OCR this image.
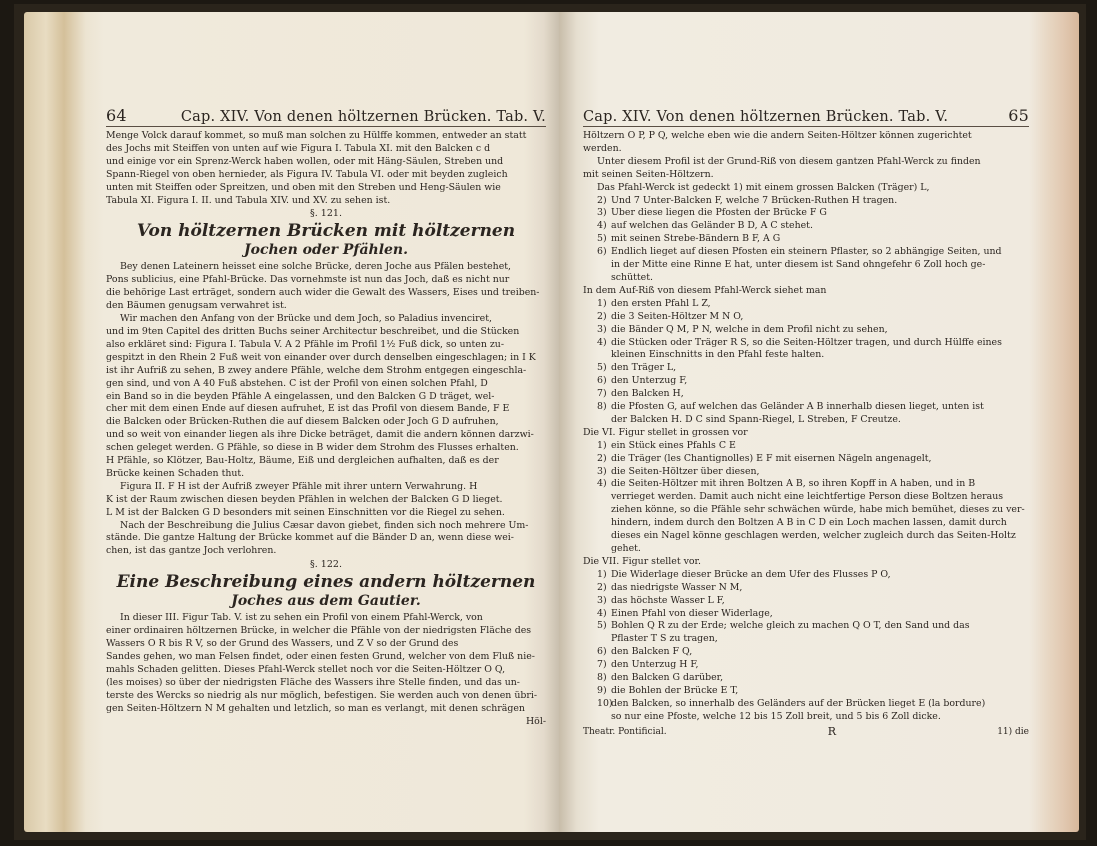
64	Cap. XIV. Von denen höltzernen Brücken. Tab. V.

Menge Volck darauf kommet, so muß man solchen zu Hülffe kommen, entweder an statt

des Jochs mit Steiffen von unten auf wie Figura I. Tabula XI. mit den Balcken c d

und einige vor ein Sprenz-Werck haben wollen, oder mit Häng-Säulen, Streben und

Spann-Riegel von oben hernieder, als Figura IV. Tabula VI. oder mit beyden zugleich

unten mit Steiffen oder Spreitzen, und oben mit den Streben und Heng-Säulen wie

Tabula XI. Figura I. II. und Tabula XIV. und XV. zu sehen ist.

§. 121.

Von höltzernen Brücken mit höltzernen

Jochen oder Pfählen.

Bey denen Lateinern heisset eine solche Brücke, deren Joche aus Pfälen bestehet,

Pons sublicius, eine Pfahl-Brücke. Das vornehmste ist nun das Joch, daß es nicht nur

die behörige Last erträget, sondern auch wider die Gewalt des Wassers, Eises und treiben-

den Bäumen genugsam verwahret ist.

Wir machen den Anfang von der Brücke und dem Joch, so Paladius invenciret,

und im 9ten Capitel des dritten Buchs seiner Architectur beschreibet, und die Stücken

also erkläret sind: Figura I. Tabula V. A 2 Pfähle im Profil 1½ Fuß dick, so unten zu-

gespitzt in den Rhein 2 Fuß weit von einander over durch denselben eingeschlagen; in I K

ist ihr Aufriß zu sehen, B zwey andere Pfähle, welche dem Strohm entgegen eingeschla-

gen sind, und von A 40 Fuß abstehen. C ist der Profil von einen solchen Pfahl, D

ein Band so in die beyden Pfähle A eingelassen, und den Balcken G D träget, wel-

cher mit dem einen Ende auf diesen aufruhet, E ist das Profil von diesem Bande, F E

die Balcken oder Brücken-Ruthen die auf diesem Balcken oder Joch G D aufruhen,

und so weit von einander liegen als ihre Dicke beträget, damit die andern können darzwi-

schen geleget werden. G Pfähle, so diese in B wider dem Strohm des Flusses erhalten.

H Pfähle, so Klötzer, Bau-Holtz, Bäume, Eiß und dergleichen aufhalten, daß es der

Brücke keinen Schaden thut.

Figura II. F H ist der Aufriß zweyer Pfähle mit ihrer untern Verwahrung. H

K ist der Raum zwischen diesen beyden Pfählen in welchen der Balcken G D lieget.

L M ist der Balcken G D besonders mit seinen Einschnitten vor die Riegel zu sehen.

Nach der Beschreibung die Julius Cæsar davon giebet, finden sich noch mehrere Um-

stände. Die gantze Haltung der Brücke kommet auf die Bänder D an, wenn diese wei-

chen, ist das gantze Joch verlohren.

§. 122.

Eine Beschreibung eines andern höltzernen

Joches aus dem Gautier.

In dieser III. Figur Tab. V. ist zu sehen ein Profil von einem Pfahl-Werck, von

einer ordinairen höltzernen Brücke, in welcher die Pfähle von der niedrigsten Fläche des

Wassers O R bis R V, so der Grund des Wassers, und Z V so der Grund des

Sandes gehen, wo man Felsen findet, oder einen festen Grund, welcher von dem Fluß nie-

mahls Schaden gelitten. Dieses Pfahl-Werck stellet noch vor die Seiten-Höltzer O Q,

(les moises) so über der niedrigsten Fläche des Wassers ihre Stelle finden, und das un-

terste des Wercks so niedrig als nur möglich, befestigen. Sie werden auch von denen übri-

gen Seiten-Höltzern N M gehalten und letzlich, so man es verlangt, mit denen schrägen

Höl-

Cap. XIV. Von denen höltzernen Brücken. Tab. V.	65

Höltzern O P, P Q, welche eben wie die andern Seiten-Höltzer können zugerichtet

werden.

Unter diesem Profil ist der Grund-Riß von diesem gantzen Pfahl-Werck zu finden

mit seinen Seiten-Höltzern.

Das Pfahl-Werck ist gedeckt 1) mit einem grossen Balcken (Träger) L,

2) Und 7 Unter-Balcken F, welche 7 Brücken-Ruthen H tragen.
3) Uber diese liegen die Pfosten der Brücke F G
4) auf welchen das Geländer B D, A C stehet.
5) mit seinen Strebe-Bändern B F, A G
6) Endlich lieget auf diesen Pfosten ein steinern Pflaster, so 2 abhängige Seiten, und
in der Mitte eine Rinne E hat, unter diesem ist Sand ohngefehr 6 Zoll hoch ge-
schüttet.

In dem Auf-Riß von diesem Pfahl-Werck siehet man

1) den ersten Pfahl L Z,
2) die 3 Seiten-Höltzer M N O,
3) die Bänder Q M, P N, welche in dem Profil nicht zu sehen,
4) die Stücken oder Träger R S, so die Seiten-Höltzer tragen, und durch Hülffe eines
kleinen Einschnitts in den Pfahl feste halten.
5) den Träger L,
6) den Unterzug F,
7) den Balcken H,
8) die Pfosten G, auf welchen das Geländer A B innerhalb diesen lieget, unten ist
der Balcken H. D C sind Spann-Riegel, L Streben, F Creutze.

Die VI. Figur stellet in grossen vor

1) ein Stück eines Pfahls C E
2) die Träger (les Chantignolles) E F mit eisernen Nägeln angenagelt,
3) die Seiten-Höltzer über diesen,
4) die Seiten-Höltzer mit ihren Boltzen A B, so ihren Kopff in A haben, und in B
verrieget werden. Damit auch nicht eine leichtfertige Person diese Boltzen heraus
ziehen könne, so die Pfähle sehr schwächen würde, habe mich bemühet, dieses zu ver-
hindern, indem durch den Boltzen A B in C D ein Loch machen lassen, damit durch
dieses ein Nagel könne geschlagen werden, welcher zugleich durch das Seiten-Holtz
gehet.

Die VII. Figur stellet vor.

1) Die Widerlage dieser Brücke an dem Ufer des Flusses P O,
2) das niedrigste Wasser N M,
3) das höchste Wasser L F,
4) Einen Pfahl von dieser Widerlage,
5) Bohlen Q R zu der Erde; welche gleich zu machen Q O T, den Sand und das
Pflaster T S zu tragen,
6) den Balcken F Q,
7) den Unterzug H F,
8) den Balcken G darüber,
9) die Bohlen der Brücke E T,
10)den Balcken, so innerhalb des Geländers auf der Brücken lieget E (la bordure)
so nur eine Pfoste, welche 12 bis 15 Zoll breit, und 5 bis 6 Zoll dicke.
Theatr. Pontificial.	R	11) die
